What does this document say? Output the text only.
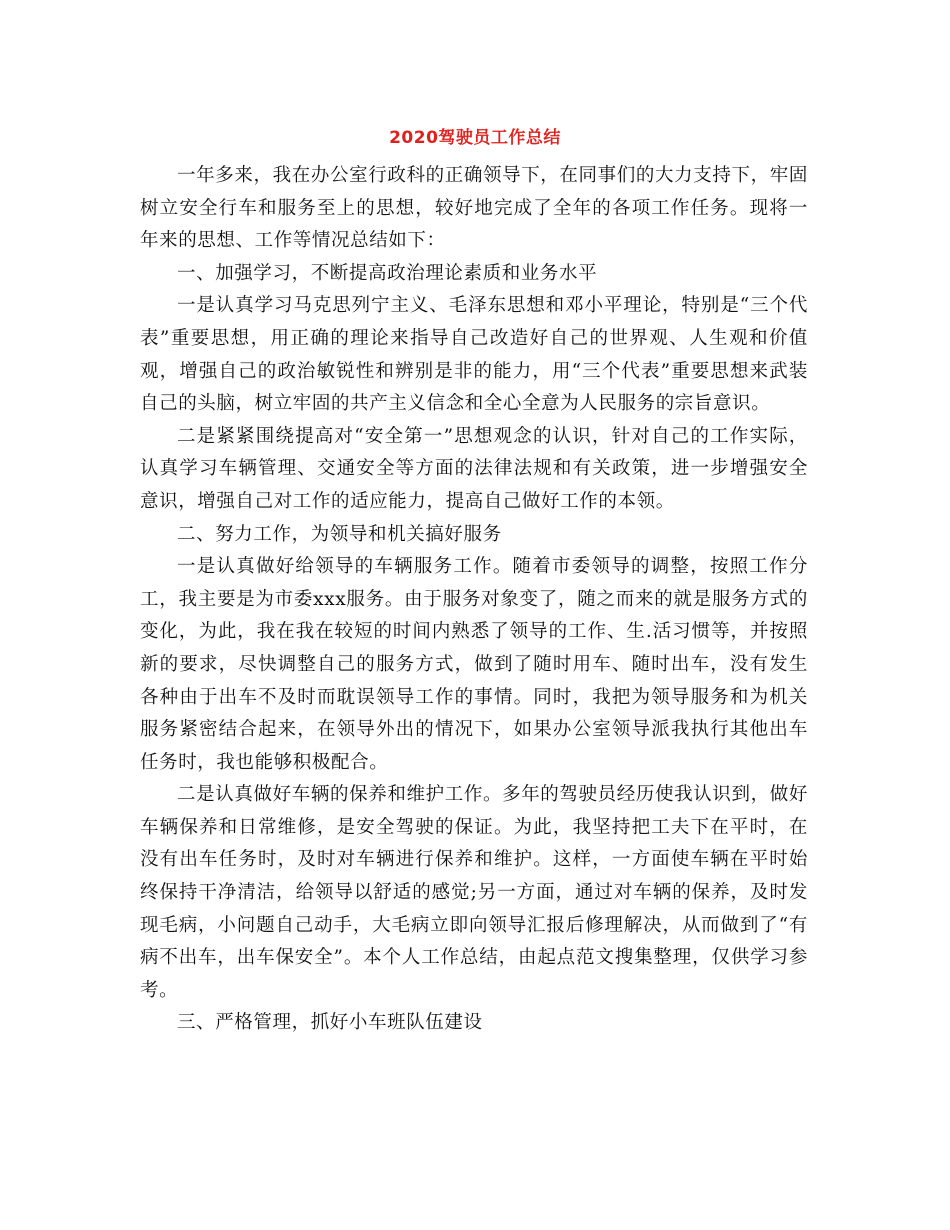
2020驾驶员工作总结

一年多来，我在办公室行政科的正确领导下，在同事们的大力支持下，牢固树立安全行车和服务至上的思想，较好地完成了全年的各项工作任务。现将一年来的思想、工作等情况总结如下：

一、加强学习，不断提高政治理论素质和业务水平

一是认真学习马克思列宁主义、毛泽东思想和邓小平理论，特别是“三个代表”重要思想，用正确的理论来指导自己改造好自己的世界观、人生观和价值观，增强自己的政治敏锐性和辨别是非的能力，用“三个代表”重要思想来武装自己的头脑，树立牢固的共产主义信念和全心全意为人民服务的宗旨意识。

二是紧紧围绕提高对“安全第一”思想观念的认识，针对自己的工作实际，认真学习车辆管理、交通安全等方面的法律法规和有关政策，进一步增强安全意识，增强自己对工作的适应能力，提高自己做好工作的本领。

二、努力工作，为领导和机关搞好服务

一是认真做好给领导的车辆服务工作。随着市委领导的调整，按照工作分工，我主要是为市委xxx服务。由于服务对象变了，随之而来的就是服务方式的变化，为此，我在我在较短的时间内熟悉了领导的工作、生.活习惯等，并按照新的要求，尽快调整自己的服务方式，做到了随时用车、随时出车，没有发生各种由于出车不及时而耽误领导工作的事情。同时，我把为领导服务和为机关服务紧密结合起来，在领导外出的情况下，如果办公室领导派我执行其他出车任务时，我也能够积极配合。

二是认真做好车辆的保养和维护工作。多年的驾驶员经历使我认识到，做好车辆保养和日常维修，是安全驾驶的保证。为此，我坚持把工夫下在平时，在没有出车任务时，及时对车辆进行保养和维护。这样，一方面使车辆在平时始终保持干净清洁，给领导以舒适的感觉;另一方面，通过对车辆的保养，及时发现毛病，小问题自己动手，大毛病立即向领导汇报后修理解决，从而做到了“有病不出车，出车保安全”。本个人工作总结，由起点范文搜集整理，仅供学习参考。

三、严格管理，抓好小车班队伍建设
